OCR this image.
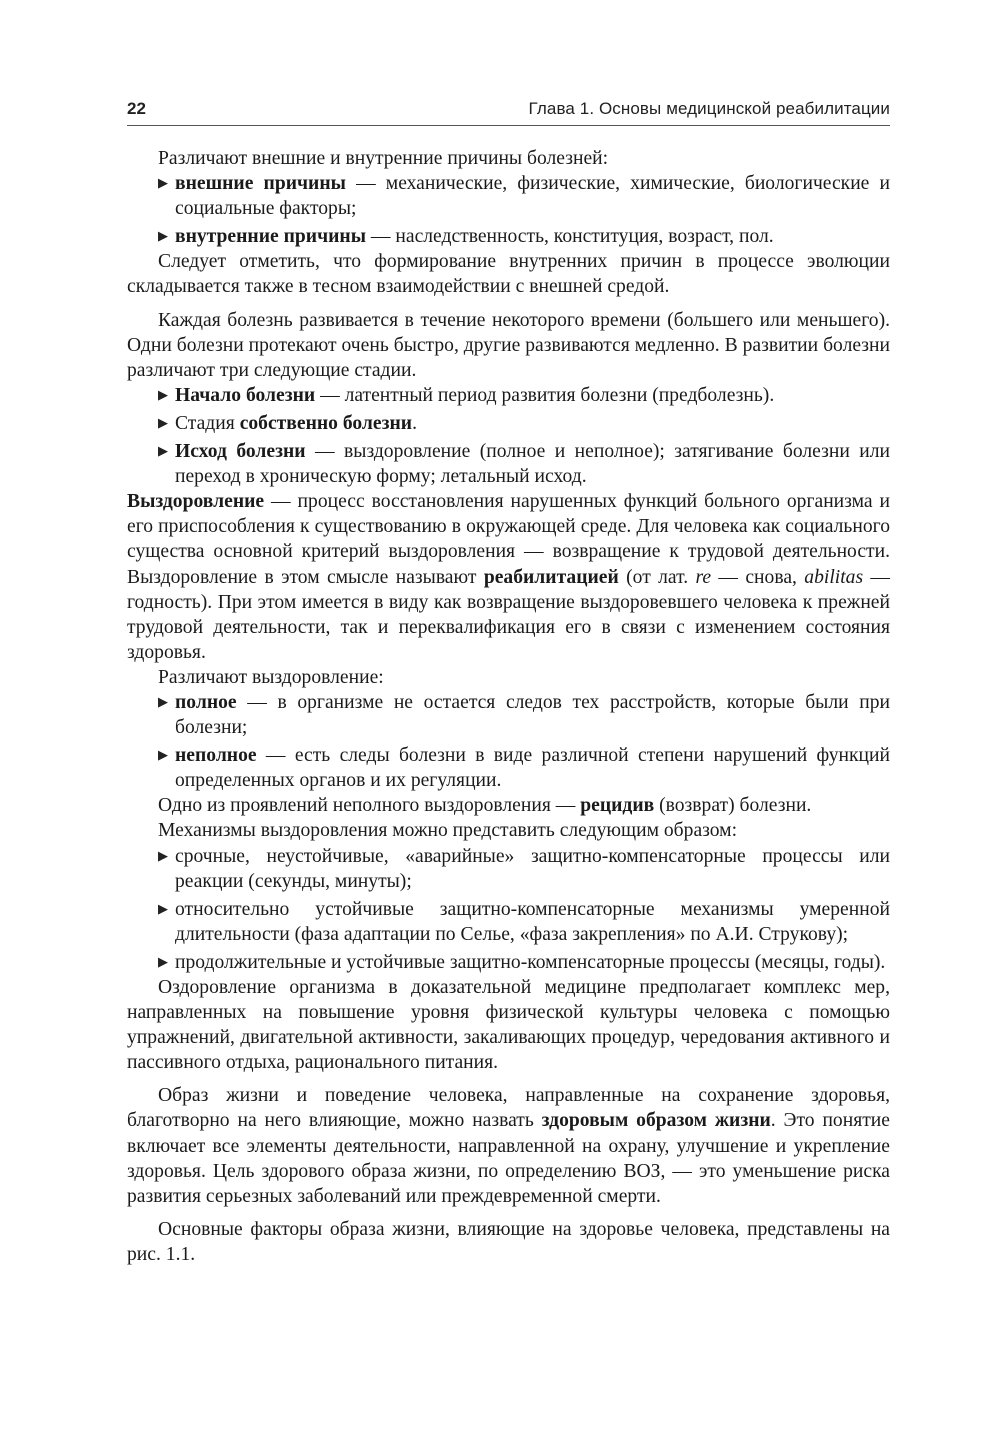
22	Глава 1. Основы медицинской реабилитации

Различают внешние и внутренние причины болезней:

▶ внешние причины — механические, физические, химические, биологические и социальные факторы;
▶ внутренние причины — наследственность, конституция, возраст, пол.

Следует отметить, что формирование внутренних причин в процессе эволюции складывается также в тесном взаимодействии с внешней средой.

Каждая болезнь развивается в течение некоторого времени (большего или меньшего). Одни болезни протекают очень быстро, другие развиваются медленно. В развитии болезни различают три следующие стадии.

▶ Начало болезни — латентный период развития болезни (предболезнь).
▶ Стадия собственно болезни.
▶ Исход болезни — выздоровление (полное и неполное); затягивание болезни или переход в хроническую форму; летальный исход.

Выздоровление — процесс восстановления нарушенных функций больного организма и его приспособления к существованию в окружающей среде. Для человека как социального существа основной критерий выздоровления — возвращение к трудовой деятельности. Выздоровление в этом смысле называют реабилитацией (от лат. re — снова, abilitas — годность). При этом имеется в виду как возвращение выздоровевшего человека к прежней трудовой деятельности, так и переквалификация его в связи с изменением состояния здоровья.

Различают выздоровление:

▶ полное — в организме не остается следов тех расстройств, которые были при болезни;
▶ неполное — есть следы болезни в виде различной степени нарушений функций определенных органов и их регуляции.

Одно из проявлений неполного выздоровления — рецидив (возврат) болезни.

Механизмы выздоровления можно представить следующим образом:

▶ срочные, неустойчивые, «аварийные» защитно-компенсаторные процессы или реакции (секунды, минуты);
▶ относительно устойчивые защитно-компенсаторные механизмы умеренной длительности (фаза адаптации по Селье, «фаза закрепления» по А.И. Струкову);
▶ продолжительные и устойчивые защитно-компенсаторные процессы (месяцы, годы).

Оздоровление организма в доказательной медицине предполагает комплекс мер, направленных на повышение уровня физической культуры человека с помощью упражнений, двигательной активности, закаливающих процедур, чередования активного и пассивного отдыха, рационального питания.

Образ жизни и поведение человека, направленные на сохранение здоровья, благотворно на него влияющие, можно назвать здоровым образом жизни. Это понятие включает все элементы деятельности, направленной на охрану, улучшение и укрепление здоровья. Цель здорового образа жизни, по определению ВОЗ, — это уменьшение риска развития серьезных заболеваний или преждевременной смерти.

Основные факторы образа жизни, влияющие на здоровье человека, представлены на рис. 1.1.
